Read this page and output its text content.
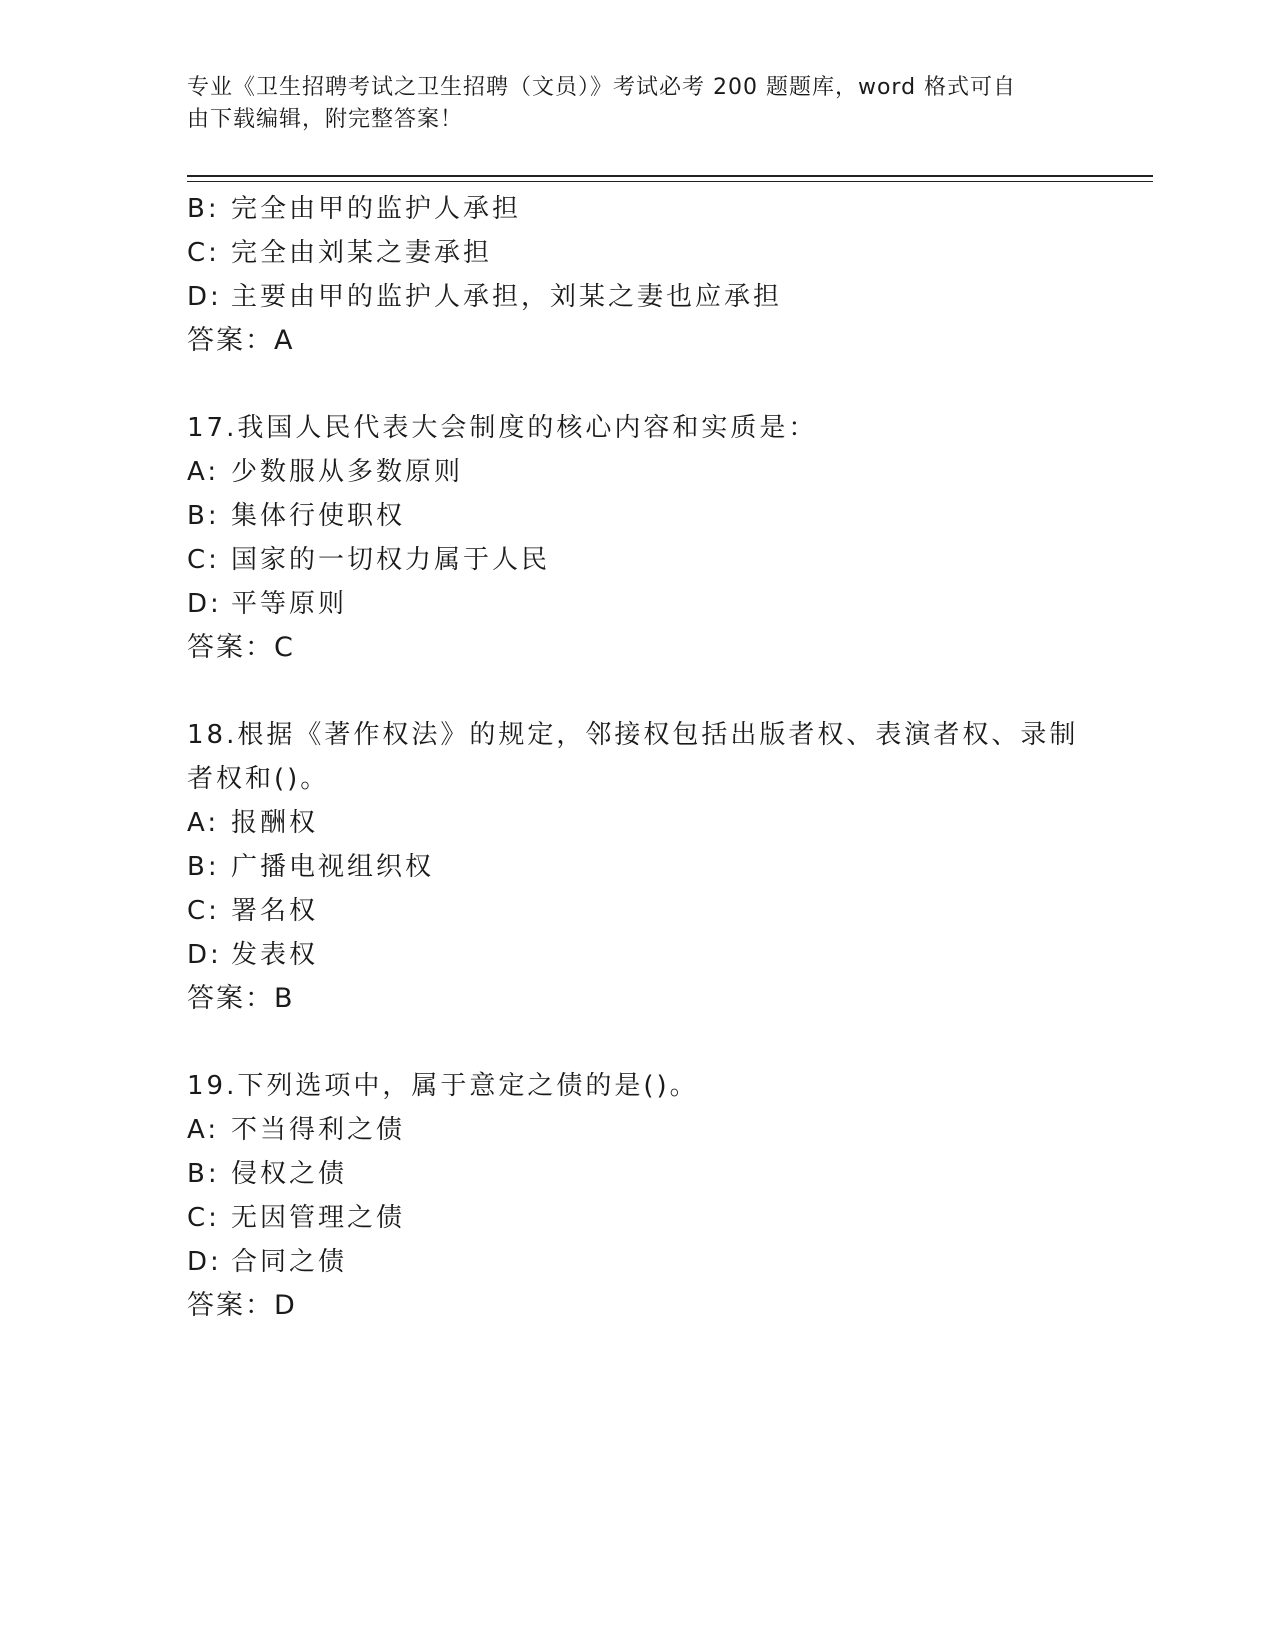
专业《卫生招聘考试之卫生招聘（文员）》考试必考 200 题题库，word 格式可自
由下载编辑，附完整答案！
B: 完全由甲的监护人承担
C: 完全由刘某之妻承担
D: 主要由甲的监护人承担，刘某之妻也应承担
答案：A
17.我国人民代表大会制度的核心内容和实质是：
A: 少数服从多数原则
B: 集体行使职权
C: 国家的一切权力属于人民
D: 平等原则
答案：C
18.根据《著作权法》的规定，邻接权包括出版者权、表演者权、录制
者权和()。
A: 报酬权
B: 广播电视组织权
C: 署名权
D: 发表权
答案：B
19.下列选项中，属于意定之债的是()。
A: 不当得利之债
B: 侵权之债
C: 无因管理之债
D: 合同之债
答案：D
